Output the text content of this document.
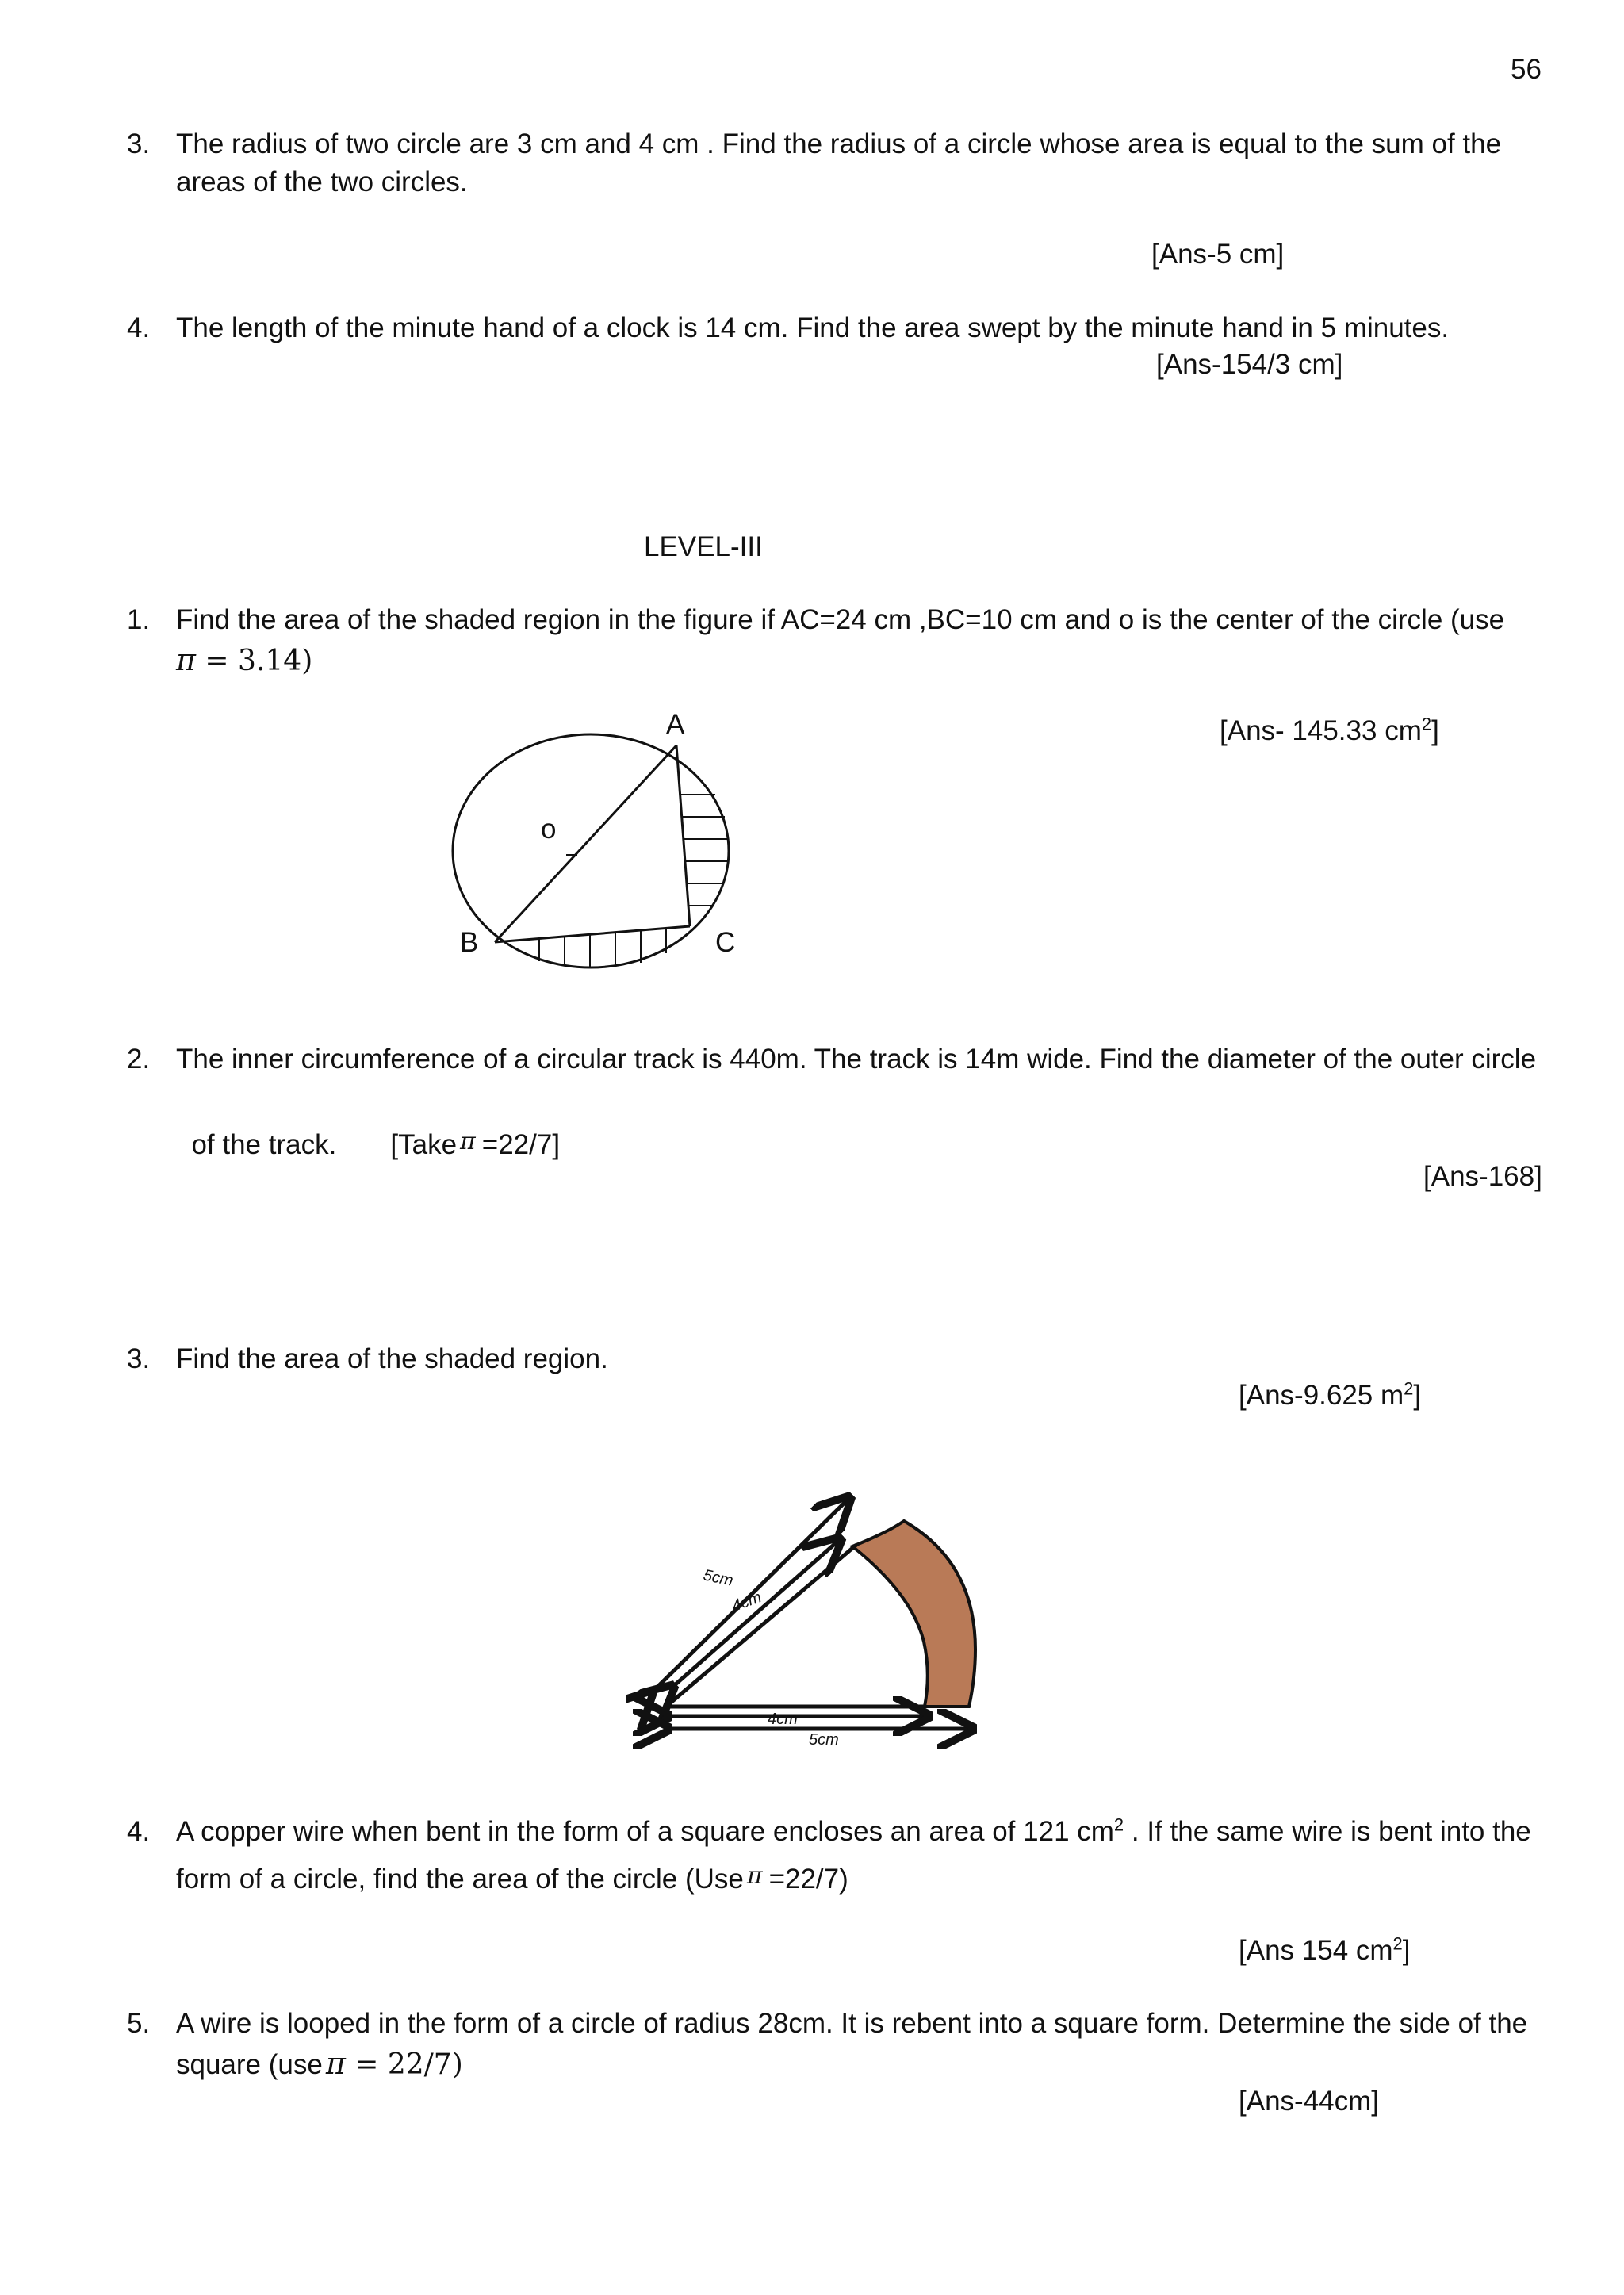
56
3. The radius of two circle are 3 cm and 4 cm . Find the radius of a circle whose area is equal to the sum of the
areas of the two circles.
[Ans-5 cm]
4. The length of the minute hand of a clock is 14 cm. Find the area swept by the minute hand in 5 minutes.
[Ans-154/3 cm]
LEVEL-III
1. Find the area of the shaded region in the figure if AC=24 cm ,BC=10 cm and o is the center of the circle (use
π = 3.14)
[Ans- 145.33 $cm^2$]
A
o
B	C
2. The inner circumference of a circular track is 440m. The track is 14m wide. Find the diameter of the outer circle

of the track.       [Take π =22/7]

[Ans-168]
3. Find the area of the shaded region.
[Ans-9.625 $m^2$]
5cm
4cm
4cm
5cm
4. A copper wire when bent in the form of a square encloses an area of 121 $cm^2$ . If the same wire is bent into the
form of a circle, find the area of the circle (Use π =22/7)
[Ans 154 $cm^2$]
5. A wire is looped in the form of a circle of radius 28cm. It is rebent into a square form. Determine the side of the
square (use π = 22/7)
[Ans-44cm]
